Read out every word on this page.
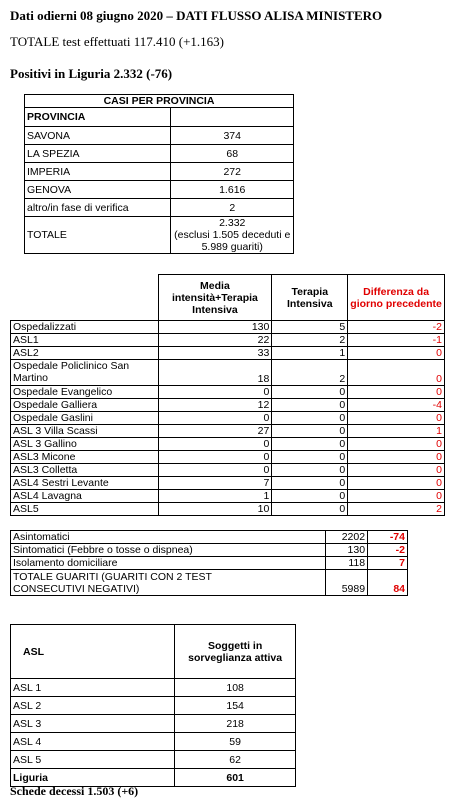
Dati odierni 08 giugno 2020 – DATI FLUSSO ALISA MINISTERO
TOTALE test effettuati 117.410 (+1.163)
Positivi in Liguria 2.332 (-76)
CASI PER PROVINCIA	
PROVINCIA	
SAVONA	374
LA SPEZIA	68
IMPERIA	272
GENOVA	1.616
altro/in fase di verifica	2
TOTALE	2.332
(esclusi 1.505 deceduti e 5.989 guariti)
	Media intensità+Terapia Intensiva	Terapia Intensiva	Differenza da giorno precedente
Ospedalizzati	130	5	-2
ASL1	22	2	-1
ASL2	33	1	0
Ospedale Policlinico San Martino	18	2	0
Ospedale Evangelico	0	0	0
Ospedale Galliera	12	0	-4
Ospedale Gaslini	0	0	0
ASL 3 Villa Scassi	27	0	1
ASL 3 Gallino	0	0	0
ASL3 Micone	0	0	0
ASL3 Colletta	0	0	0
ASL4 Sestri Levante	7	0	0
ASL4 Lavagna	1	0	0
ASL5	10	0	2
Asintomatici	2202	-74
Sintomatici (Febbre o tosse o dispnea)	130	-2
Isolamento domiciliare	118	7
TOTALE GUARITI (GUARITI CON 2 TEST CONSECUTIVI NEGATIVI)	5989	84
ASL	Soggetti in sorveglianza attiva
ASL 1	108
ASL 2	154
ASL 3	218
ASL 4	59
ASL 5	62
Liguria	601
Schede decessi 1.503 (+6)
